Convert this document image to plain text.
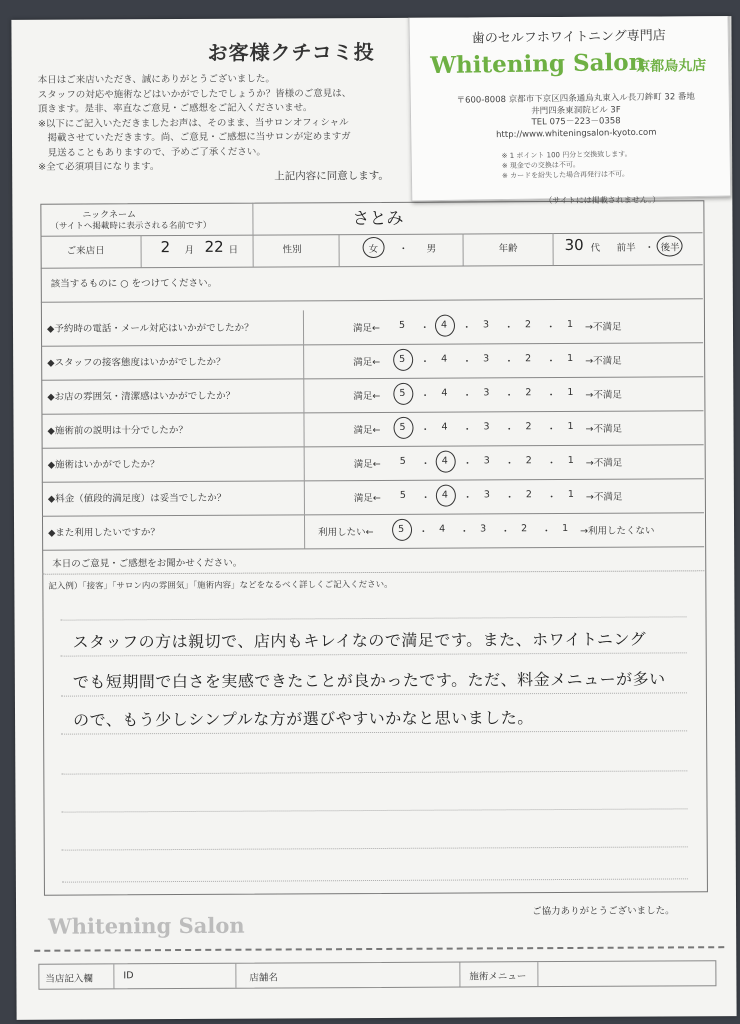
お客様クチコミ投
本日はご来店いただき、誠にありがとうございました。
スタッフの対応や施術などはいかがでしたでしょうか？皆様のご意見は、
頂きます。是非、率直なご意見・ご感想をご記入くださいませ。
※以下にご記入いただきましたお声は、そのまま、当サロンオフィシャル
　掲載させていただきます。尚、ご意見・ご感想に当サロンが定めますガ
　見送ることもありますので、予めご了承ください。
※全て必須項目になります。
上記内容に同意します。
ニックネーム
（サイトへ掲載時に表示される名前です）	さとみ
ご来店日	2 月 22 日	性別	女 ・ 男	年齢	30 代 前半 ・ 後半
該当するものに ○ をつけてください。
◆予約時の電話・メール対応はいかがでしたか？	満足← 5 ・ 4 ・ 3 ・ 2 ・ 1 →不満足
◆スタッフの接客態度はいかがでしたか？	満足← 5 ・ 4 ・ 3 ・ 2 ・ 1 →不満足
◆お店の雰囲気・清潔感はいかがでしたか？	満足← 5 ・ 4 ・ 3 ・ 2 ・ 1 →不満足
◆施術前の説明は十分でしたか？	満足← 5 ・ 4 ・ 3 ・ 2 ・ 1 →不満足
◆施術はいかがでしたか？	満足← 5 ・ 4 ・ 3 ・ 2 ・ 1 →不満足
◆料金（値段的満足度）は妥当でしたか？	満足← 5 ・ 4 ・ 3 ・ 2 ・ 1 →不満足
◆また利用したいですか？	利用したい←	5 ・ 4 ・ 3 ・ 2 ・ 1 →利用したくない
本日のご意見・ご感想をお聞かせください。
記入例）「接客」「サロン内の雰囲気」「施術内容」などをなるべく詳しくご記入ください。
スタッフの方は親切で、店内もキレイなので満足です。また、ホワイトニング
でも短期間で白さを実感できたことが良かったです。ただ、料金メニューが多い
ので、もう少しシンプルな方が選びやすいかなと思いました。
Whitening Salon
ご協力ありがとうございました。
当店記入欄	ID	店舗名	施術メニュー
歯のセルフホワイトニング専門店
Whitening Salon
京都烏丸店
〒600-8008 京都市下京区四条通烏丸東入ル長刀鉾町 32 番地
井門四条東洞院ビル 3F
TEL 075－223－0358
http://www.whiteningsalon-kyoto.com
※ 1 ポイント 100 円分と交換致します。
※ 現金での交換は不可。
※ カードを紛失した場合再発行は不可。
（サイトには掲載されません。）
